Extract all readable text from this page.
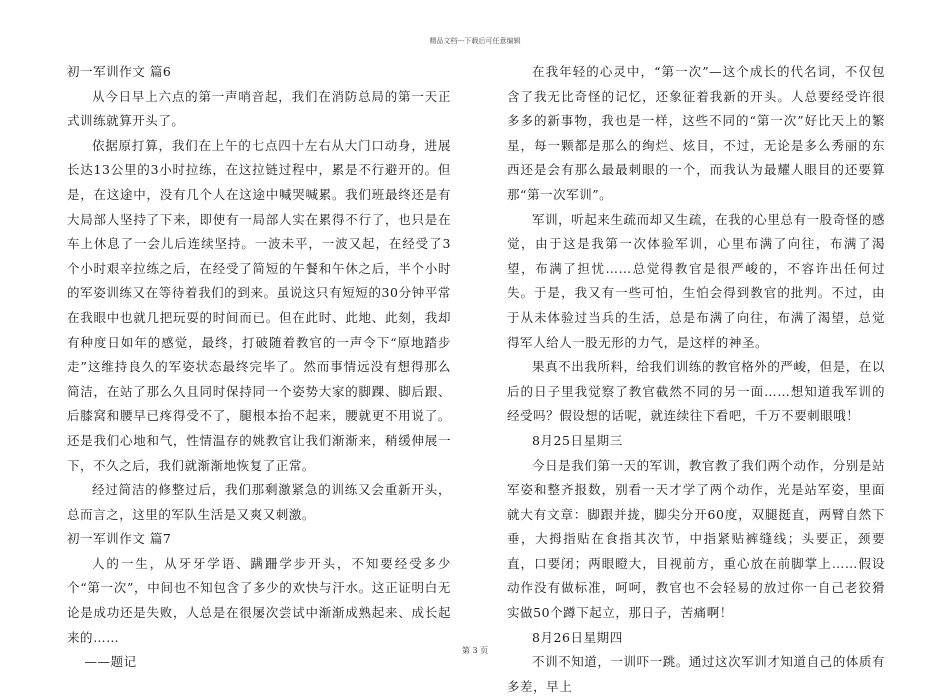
精品文档---下载后可任意编辑

初一军训作文 篇6

从今日早上六点的第一声哨音起，我们在消防总局的第一天正式训练就算开头了。

依据原打算，我们在上午的七点四十左右从大门口动身，进展长达13公里的3小时拉练，在这拉链过程中，累是不行避开的。但是，在这途中，没有几个人在这途中喊哭喊累。我们班最终还是有大局部人坚持了下来，即使有一局部人实在累得不行了，也只是在车上休息了一会儿后连续坚持。一波未平，一波又起，在经受了3个小时艰辛拉练之后，在经受了简短的午餐和午休之后，半个小时的军姿训练又在等待着我们的到来。虽说这只有短短的30分钟平常在我眼中也就几把玩耍的时间而已。但在此时、此地、此刻，我却有种度日如年的感觉，最终，打破随着教官的一声令下“原地踏步走”这维持良久的军姿状态最终完毕了。然而事情远没有想得那么简洁，在站了那么久且同时保持同一个姿势大家的脚踝、脚后跟、后膝窝和腰早已疼得受不了，腿根本抬不起来，腰就更不用说了。还是我们心地和气，性情温存的姚教官让我们渐渐来，稍缓伸展一下，不久之后，我们就渐渐地恢复了正常。

经过简洁的修整过后，我们那剩激紧急的训练又会重新开头，总而言之，这里的军队生活是又爽又刺激。

初一军训作文 篇7

人的一生，从牙牙学语、蹒跚学步开头，不知要经受多少个“第一次”，中间也不知包含了多少的欢快与汗水。这正证明白无论是成功还是失败，人总是在很屡次尝试中渐渐成熟起来、成长起来的……

——题记

在我年轻的心灵中，“第一次”—这个成长的代名词，不仅包含了我无比奇怪的记忆，还象征着我新的开头。人总要经受许很多多的新事物，我也是一样，这些不同的“第一次”好比天上的繁星，每一颗都是那么的绚烂、炫目，不过，无论是多么秀丽的东西还是会有那么最最刺眼的一个，而我认为最耀人眼目的还要算那“第一次军训”。

军训，听起来生疏而却又生疏，在我的心里总有一股奇怪的感觉，由于这是我第一次体验军训，心里布满了向往，布满了渴望，布满了担忧……总觉得教官是很严峻的，不容许出任何过失。于是，我又有一些可怕，生怕会得到教官的批判。不过，由于从未体验过当兵的生活，总是布满了向往，布满了渴望，总觉得军人给人一股无形的力气，是这样的神圣。

果真不出我所料，给我们训练的教官格外的严峻，但是，在以后的日子里我觉察了教官截然不同的另一面……想知道我军训的经受吗？假设想的话呢，就连续往下看吧，千万不要刺眼哦！

8月25日星期三

今日是我们第一天的军训，教官教了我们两个动作，分别是站军姿和整齐报数，别看一天才学了两个动作，光是站军姿，里面就大有文章：脚跟并拢，脚尖分开60度，双腿挺直，两臂自然下垂，大拇指贴在食指其次节，中指紧贴裤缝线；头要正，颈要直，口要闭；两眼瞪大，目视前方，重心放在前脚掌上……假设动作没有做标准，呵呵，教官也不会轻易的放过你一自己老狡猾实做50个蹲下起立，那日子，苦痛啊！

8月26日星期四

不训不知道，一训吓一跳。通过这次军训才知道自己的体质有多差，早上

第 3 页
